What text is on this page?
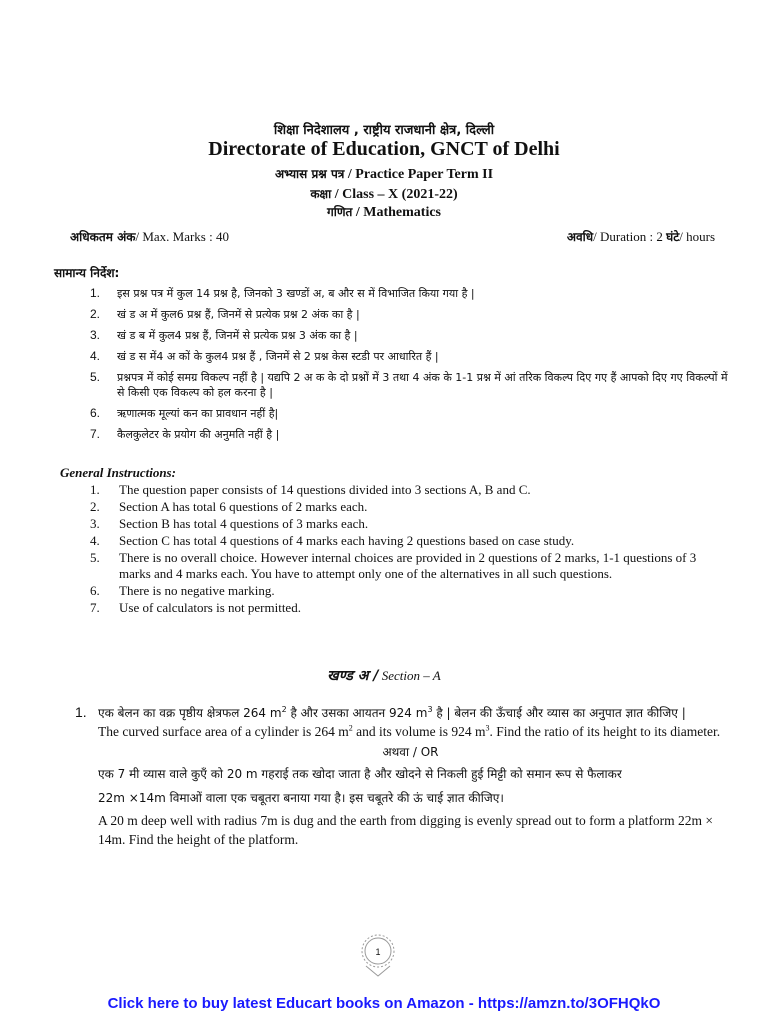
शिक्षा निदेशालय , राष्ट्रीय राजधानी क्षेत्र, दिल्ली
Directorate of Education, GNCT of Delhi
अभ्यास प्रश्न पत्र / Practice Paper Term II
कक्षा / Class – X (2021-22)
गणित / Mathematics
अधिकतम अंक/ Max. Marks : 40	अवधि/ Duration : 2 घंटे/ hours
सामान्य निर्देश:
1.	इस प्रश्न पत्र में कुल 14 प्रश्न है, जिनको 3 खण्डों अ, ब और स में विभाजित किया गया है |
2.	खं ड अ में कुल6 प्रश्न हैं, जिनमें से प्रत्येक प्रश्न 2 अंक का है |
3.	खं ड ब में कुल4 प्रश्न हैं, जिनमें से प्रत्येक प्रश्न 3 अंक का है |
4.	खं ड स में4 अ कों के कुल4 प्रश्न हैं , जिनमें से 2 प्रश्न केस स्टडी पर आधारित हैं |
5.	प्रश्नपत्र में कोई समग्र विकल्प नहीं है | यद्यपि 2 अ क के दो प्रश्नों में 3 तथा 4 अंक के 1-1 प्रश्न में आं तरिक विकल्प दिए गए हैं आपको दिए गए विकल्पों में से किसी एक विकल्प को हल करना है |
6.	ऋणात्मक मूल्यां कन का प्रावधान नहीं है|
7.	कैलकुलेटर के प्रयोग की अनुमति नहीं है |
General Instructions:
1.	The question paper consists of 14 questions divided into 3 sections A, B and C.
2.	Section A has total 6 questions of 2 marks each.
3.	Section B has total 4 questions of 3 marks each.
4.	Section C has total 4 questions of 4 marks each having 2 questions based on case study.
5.	There is no overall choice. However internal choices are provided in 2 questions of 2 marks, 1-1 questions of 3 marks and 4 marks each. You have to attempt only one of the alternatives in all such questions.
6.	There is no negative marking.
7.	Use of calculators is not permitted.
खण्ड अ / Section – A
1. एक बेलन का वक्र पृष्ठीय क्षेत्रफल 264 $m^2$ है और उसका आयतन 924 $m^3$ है | बेलन की ऊँचाई और व्यास का अनुपात ज्ञात कीजिए |
The curved surface area of a cylinder is 264 $m^2$ and its volume is 924 $m^3$. Find the ratio of its height to its diameter.
अथवा / OR
एक 7 मी व्यास वाले कुएँ को 20 m गहराई तक खोदा जाता है और खोदने से निकली हुई मिट्टी को समान रूप से फैलाकर
22m ×14m विमाओं वाला एक चबूतरा बनाया गया है। इस चबूतरे की ऊं चाई ज्ञात कीजिए।
A 20 m deep well with radius 7m is dug and the earth from digging is evenly spread out to form a platform 22m × 14m. Find the height of the platform.
1
Click here to buy latest Educart books on Amazon - https://amzn.to/3OFHQkO
